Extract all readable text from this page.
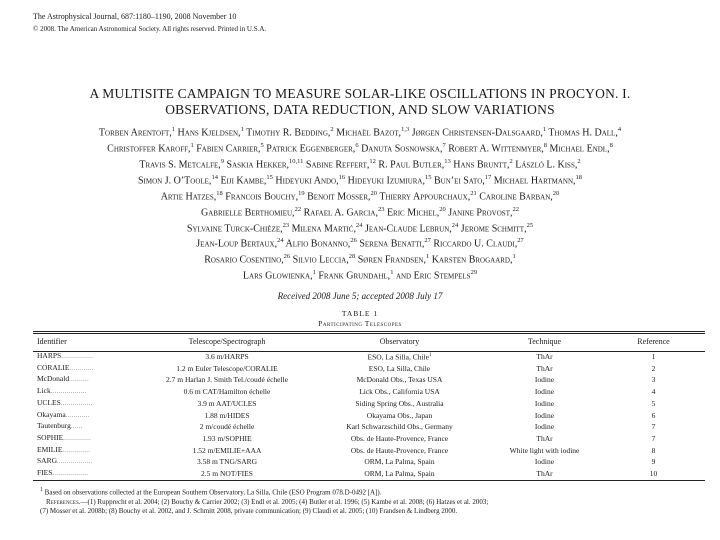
The Astrophysical Journal, 687:1180–1190, 2008 November 10
© 2008. The American Astronomical Society. All rights reserved. Printed in U.S.A.
A MULTISITE CAMPAIGN TO MEASURE SOLAR-LIKE OSCILLATIONS IN PROCYON. I.
OBSERVATIONS, DATA REDUCTION, AND SLOW VARIATIONS
Torben Arentoft,$^1$ Hans Kjeldsen,$^1$ Timothy R. Bedding,$^2$ Michaël Bazot,$^{1,3}$ Jørgen Christensen-Dalsgaard,$^1$ Thomas H. Dall,$^4$
Christoffer Karoff,$^1$ Fabien Carrier,$^5$ Patrick Eggenberger,$^6$ Danuta Sosnowska,$^7$ Robert A. Wittenmyer,$^8$ Michael Endl,$^8$
Travis S. Metcalfe,$^9$ Saskia Hekker,$^{10,11}$ Sabine Reffert,$^{12}$ R. Paul Butler,$^{13}$ Hans Bruntt,$^2$ László L. Kiss,$^2$
Simon J. O’Toole,$^{14}$ Eiji Kambe,$^{15}$ Hideyuki Ando,$^{16}$ Hideyuki Izumiura,$^{15}$ Bun’ei Sato,$^{17}$ Michael Hartmann,$^{18}$
Artie Hatzes,$^{18}$ Francois Bouchy,$^{19}$ Benoit Mosser,$^{20}$ Thierry Appourchaux,$^{21}$ Caroline Barban,$^{20}$
Gabrielle Berthomieu,$^{22}$ Rafael A. Garcia,$^{23}$ Eric Michel,$^{20}$ Janine Provost,$^{22}$
Sylvaine Turck-Chièze,$^{23}$ Milena Martić,$^{24}$ Jean-Claude Lebrun,$^{24}$ Jerome Schmitt,$^{25}$
Jean-Loup Bertaux,$^{24}$ Alfio Bonanno,$^{26}$ Serena Benatti,$^{27}$ Riccardo U. Claudi,$^{27}$
Rosario Cosentino,$^{26}$ Silvio Leccia,$^{28}$ Søren Frandsen,$^1$ Karsten Brogaard,$^1$
Lars Glowienka,$^1$ Frank Grundahl,$^1$ and Eric Stempels$^{29}$
Received 2008 June 5; accepted 2008 July 17
TABLE 1
Participating Telescopes
Identifier	Telescope/Spectrograph	Observatory	Technique	Reference
HARPS................	3.6 m/HARPS	ESO, La Silla, Chile$^1$	ThAr	1
CORALIE............	1.2 m Euler Telescope/CORALIE	ESO, La Silla, Chile	ThAr	2
McDonald..........	2.7 m Harlan J. Smith Tel./coudé échelle	McDonald Obs., Texas USA	Iodine	3
Lick..................	0.6 m CAT/Hamilton échelle	Lick Obs., California USA	Iodine	4
UCLES................	3.9 m AAT/UCLES	Siding Spring Obs., Australia	Iodine	5
Okayama............	1.88 m/HIDES	Okayama Obs., Japan	Iodine	6
Tautenburg......	2 m/coudé échelle	Karl Schwarzschild Obs., Germany	Iodine	7
SOPHIE..............	1.93 m/SOPHIE	Obs. de Haute-Provence, France	ThAr	7
EMILIE..............	1.52 m/EMILIE+AAA	Obs. de Haute-Provence, France	White light with iodine	8
SARG..................	3.58 m TNG/SARG	ORM, La Palma, Spain	Iodine	9
FIES..................	2.5 m NOT/FIES	ORM, La Palma, Spain	ThAr	10
$^1$ Based on observations collected at the European Southern Observatory, La Silla, Chile (ESO Program 078.D-0492 [A]).
References.—(1) Rupprecht et al. 2004; (2) Bouchy & Carrier 2002; (3) Endl et al. 2005; (4) Butler et al. 1996; (5) Kambe et al. 2008; (6) Hatzes et al. 2003;
(7) Mosser et al. 2008b; (8) Bouchy et al. 2002, and J. Schmitt 2008, private communication; (9) Claudi et al. 2005; (10) Frandsen & Lindberg 2000.
